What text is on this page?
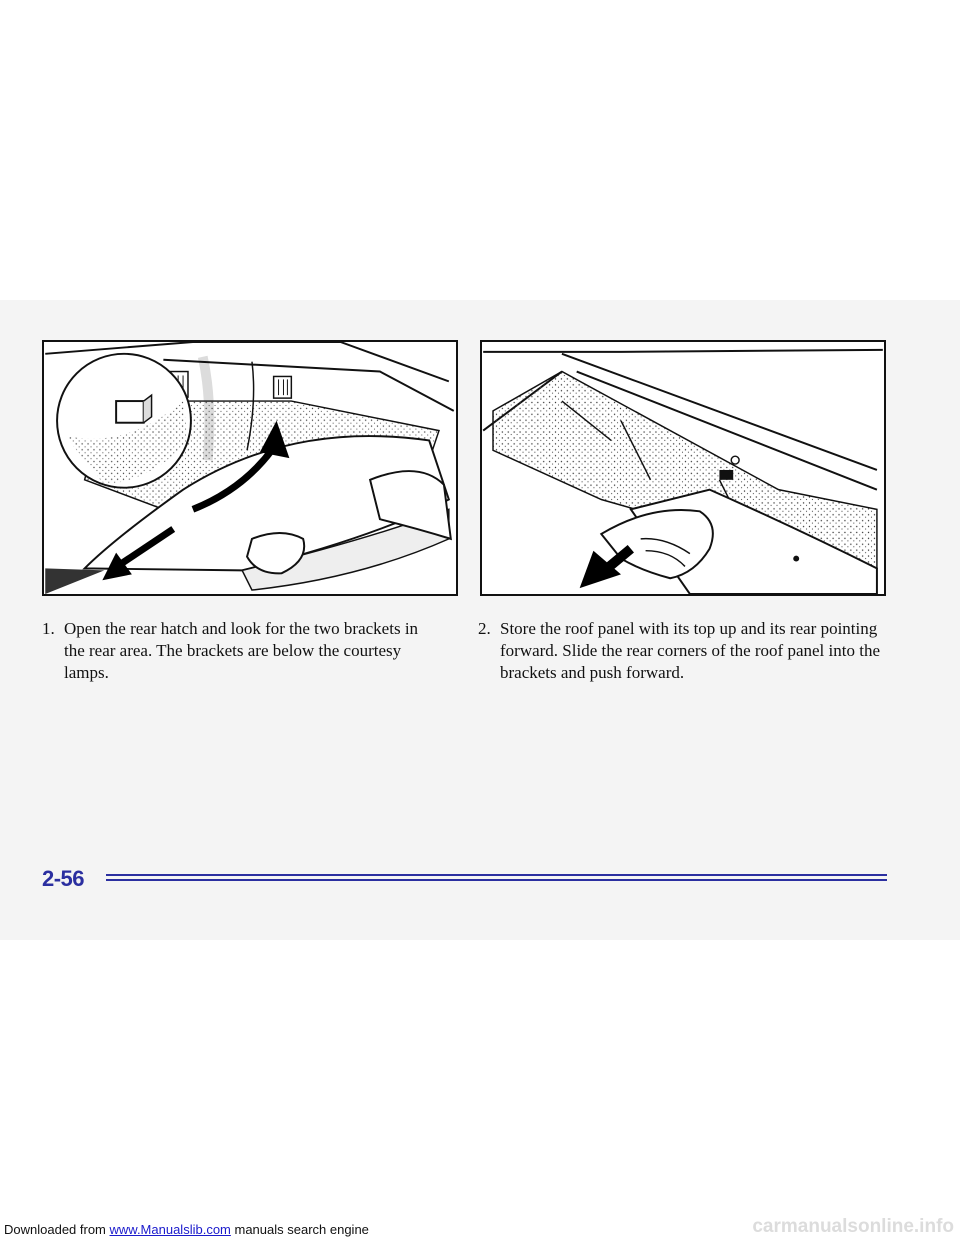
1. Open the rear hatch and look for the two brackets in the rear area. The brackets are below the courtesy lamps.
2. Store the roof panel with its top up and its rear pointing forward. Slide the rear corners of the roof panel into the brackets and push forward.
2-56
Downloaded from www.Manualslib.com manuals search engine	carmanualsonline.info
